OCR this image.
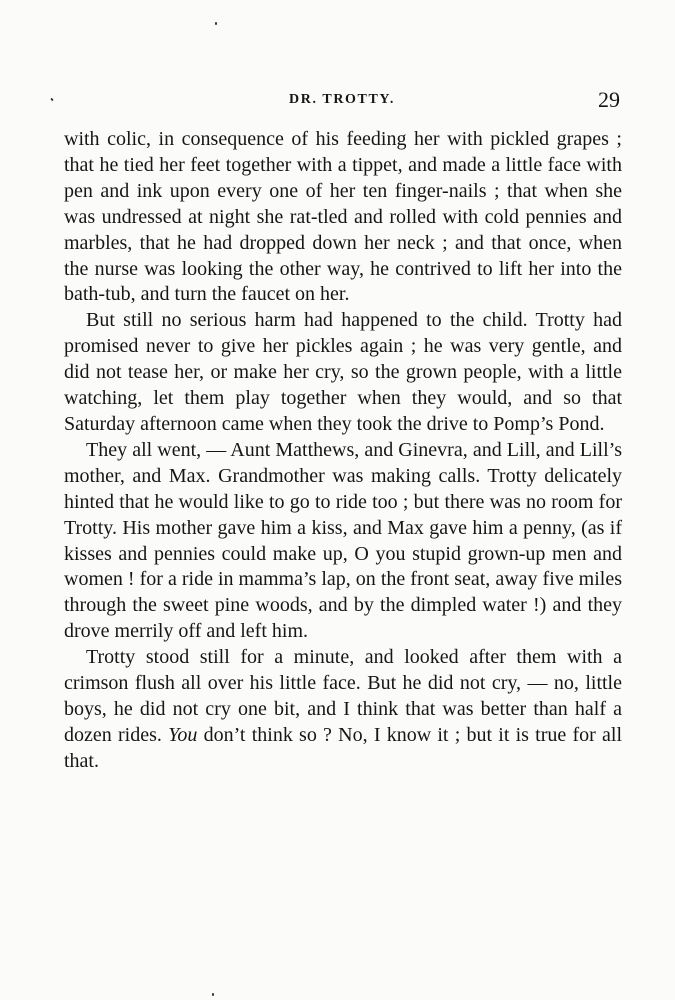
DR. TROTTY.	29

with colic, in consequence of his feeding her with pickled grapes ; that he tied her feet together with a tippet, and made a little face with pen and ink upon every one of her ten finger-nails ; that when she was undressed at night she rat-tled and rolled with cold pennies and marbles, that he had dropped down her neck ; and that once, when the nurse was looking the other way, he contrived to lift her into the bath-tub, and turn the faucet on her.

But still no serious harm had happened to the child. Trotty had promised never to give her pickles again ; he was very gentle, and did not tease her, or make her cry, so the grown people, with a little watching, let them play together when they would, and so that Saturday afternoon came when they took the drive to Pomp’s Pond.

They all went, — Aunt Matthews, and Ginevra, and Lill, and Lill’s mother, and Max. Grandmother was making calls. Trotty delicately hinted that he would like to go to ride too ; but there was no room for Trotty. His mother gave him a kiss, and Max gave him a penny, (as if kisses and pennies could make up, O you stupid grown-up men and women ! for a ride in mamma’s lap, on the front seat, away five miles through the sweet pine woods, and by the dimpled water !) and they drove merrily off and left him.

Trotty stood still for a minute, and looked after them with a crimson flush all over his little face. But he did not cry, — no, little boys, he did not cry one bit, and I think that was better than half a dozen rides. You don’t think so ? No, I know it ; but it is true for all that.
